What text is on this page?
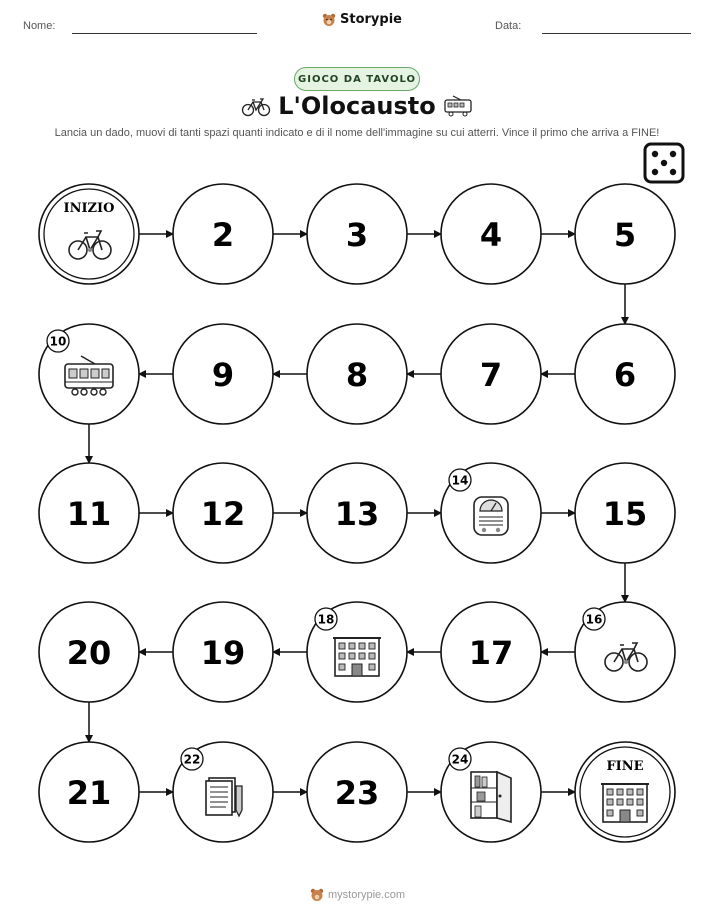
Nome:	Storypie	Data:
GIOCO DA TAVOLO
L'Olocausto
Lancia un dado, muovi di tanti spazi quanti indicato e di il nome dell'immagine su cui atterri. Vince il primo che arriva a FINE!
INIZIO
2	3	4	5
6
7
8
9
10
11	12	13
14
15
16
17
18
19
20
21
22
23
24	FINE
mystorypie.com
